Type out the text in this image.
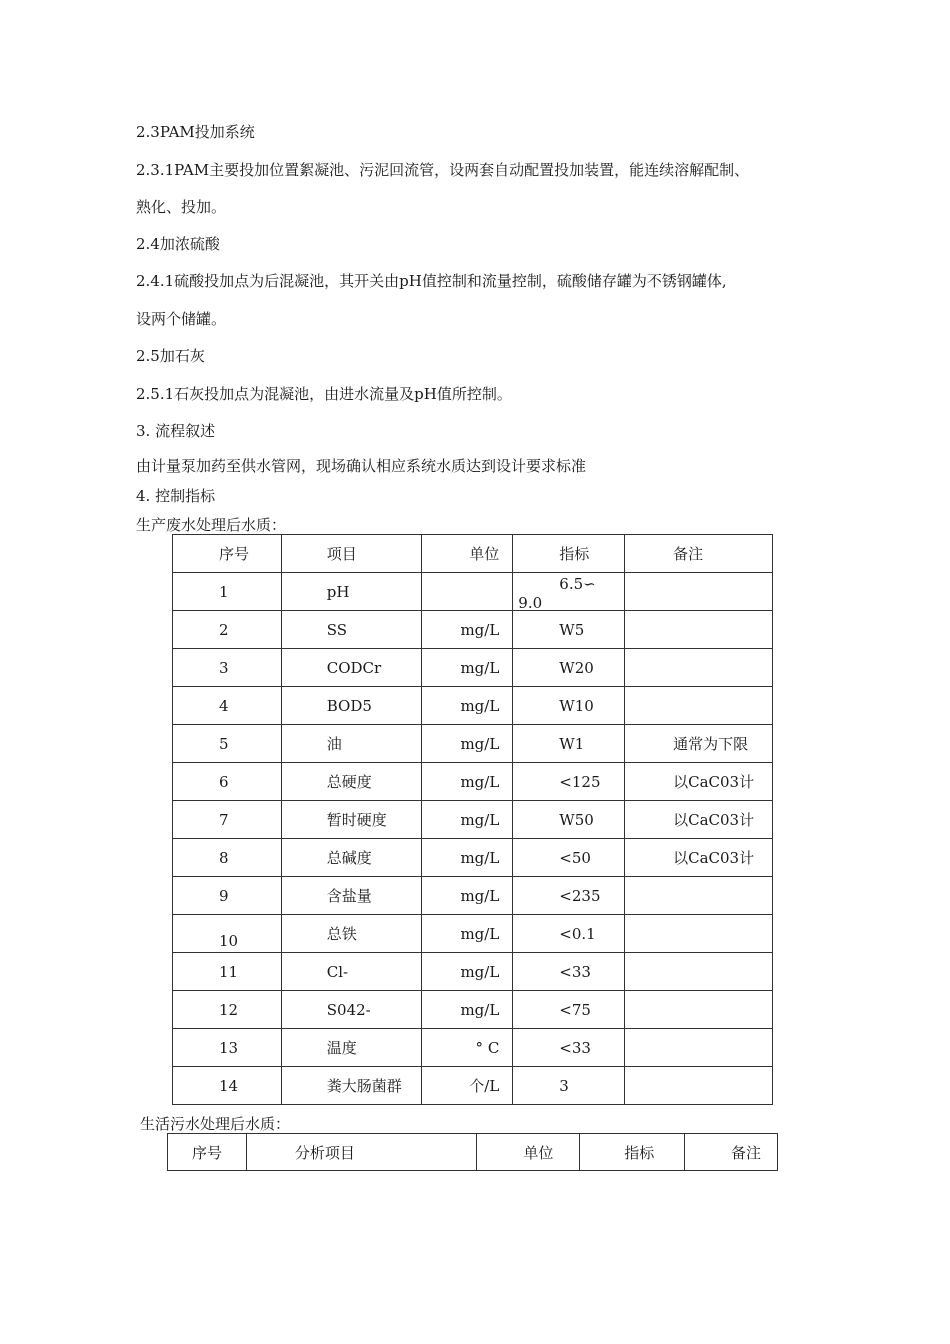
2.3PAM投加系统
2.3.1PAM主要投加位置絮凝池、污泥回流管，设两套自动配置投加装置，能连续溶解配制、
熟化、投加。
2.4加浓硫酸
2.4.1硫酸投加点为后混凝池，其开关由pH值控制和流量控制，硫酸储存罐为不锈钢罐体,
设两个储罐。
2.5加石灰
2.5.1石灰投加点为混凝池，由进水流量及pH值所控制。
3. 流程叙述
由计量泵加药至供水管网，现场确认相应系统水质达到设计要求标准
4. 控制指标
生产废水处理后水质：
序号	项目	单位	指标	备注
1	pH		6.5∽
9.0	

2	SS	mg/L	W5	
3	CODCr	mg/L	W20	
4	BOD5	mg/L	W10	
5	油	mg/L	W1	通常为下限
6	总硬度	mg/L	<125	以CaC03计
7	暂时硬度	mg/L	W50	以CaC03计
8	总碱度	mg/L	<50	以CaC03计
9	含盐量	mg/L	<235	
10	总铁	mg/L	<0.1	
11	Cl-	mg/L	<33	
12	S042-	mg/L	<75	
13	温度	° C	<33	
14	粪大肠菌群	个/L	3	
生活污水处理后水质：
序号	分析项目	单位	指标	备注
